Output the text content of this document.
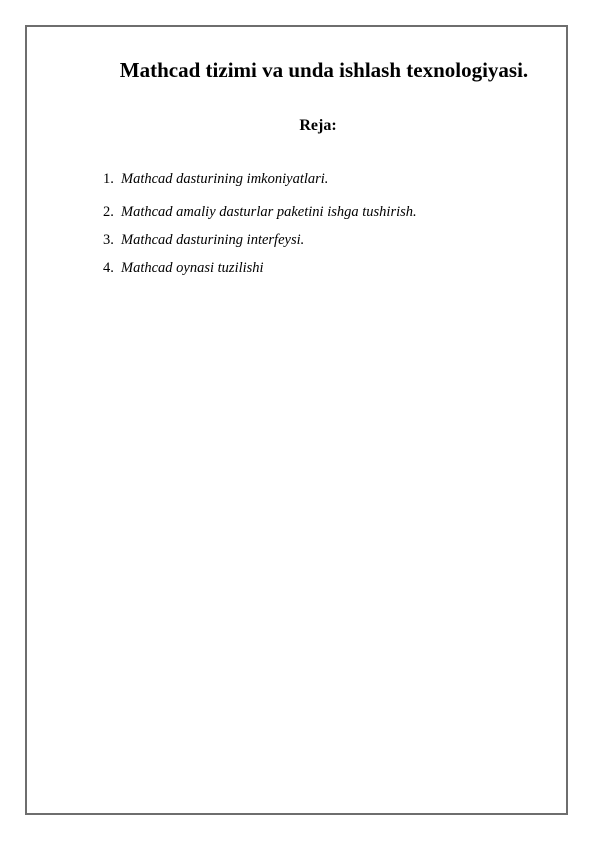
Mathcad tizimi va unda ishlash texnologiyasi.
Reja:
1. Mathcad dasturining imkoniyatlari.
2. Mathcad amaliy dasturlar paketini ishga tushirish.
3. Mathcad dasturining interfeysi.
4. Mathcad oynasi tuzilishi
